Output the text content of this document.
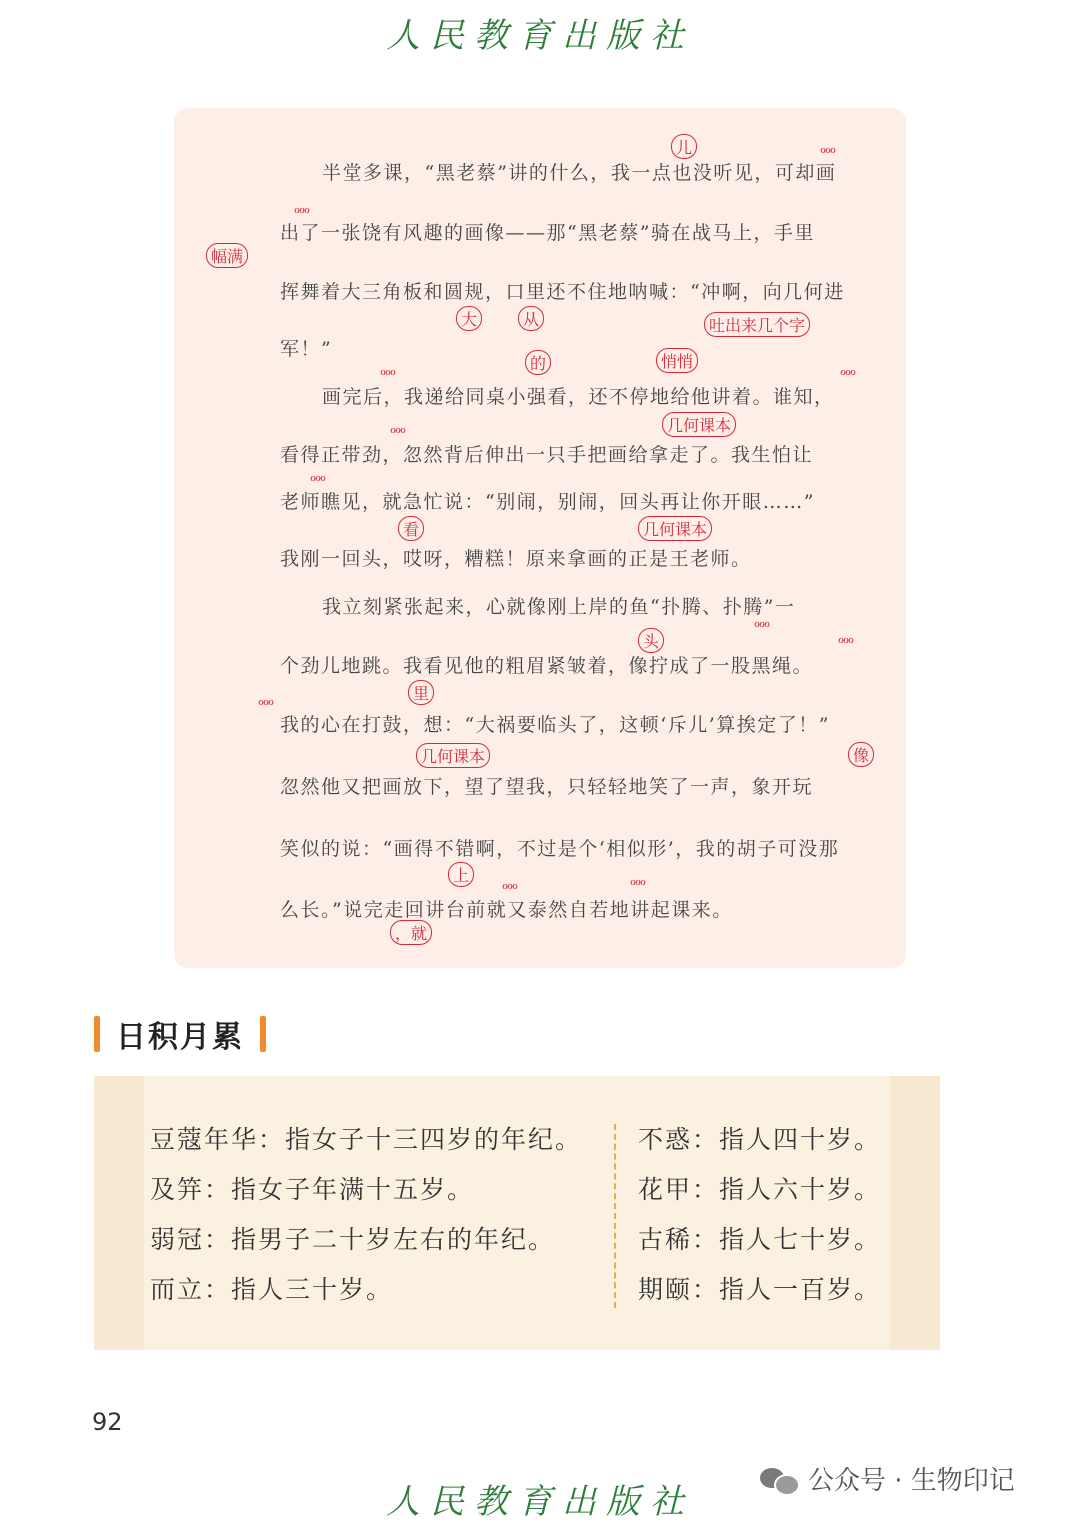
人民教育出版社
半堂多课，“黑老蔡”讲的什么，我一点也没听见，可却画
出了一张饶有风趣的画像——那“黑老蔡”骑在战马上，手里
挥舞着大三角板和圆规，口里还不住地呐喊：“冲啊，向几何进
军！”
画完后，我递给同桌小强看，还不停地给他讲着。谁知，
看得正带劲，忽然背后伸出一只手把画给拿走了。我生怕让
老师瞧见，就急忙说：“别闹，别闹，回头再让你开眼……”
我刚一回头，哎呀，糟糕！原来拿画的正是王老师。
我立刻紧张起来，心就像刚上岸的鱼“扑腾、扑腾”一
个劲儿地跳。我看见他的粗眉紧皱着，像拧成了一股黑绳。
我的心在打鼓，想：“大祸要临头了，这顿‘斥儿’算挨定了！”
忽然他又把画放下，望了望我，只轻轻地笑了一声，象开玩
笑似的说：“画得不错啊，不过是个‘相似形’，我的胡子可没那
么长。”说完走回讲台前就又泰然自若地讲起课来。
儿
幅满
大	从	吐出来几个字
的	悄悄
几何课本
看	几何课本
头
里
几何课本	像
上
，就
ℴℴℴ
ℴℴℴ
ℴℴℴ
ℴℴℴ
ℴℴℴ
ℴℴℴ
ℴℴℴ
ℴℴℴ
ℴℴℴ
ℴℴℴ	ℴℴℴ
日积月累
豆蔻年华：指女子十三四岁的年纪。
及笄：指女子年满十五岁。
弱冠：指男子二十岁左右的年纪。
而立：指人三十岁。
不惑：指人四十岁。
花甲：指人六十岁。
古稀：指人七十岁。
期颐：指人一百岁。
92
人民教育出版社
公众号 · 生物印记
